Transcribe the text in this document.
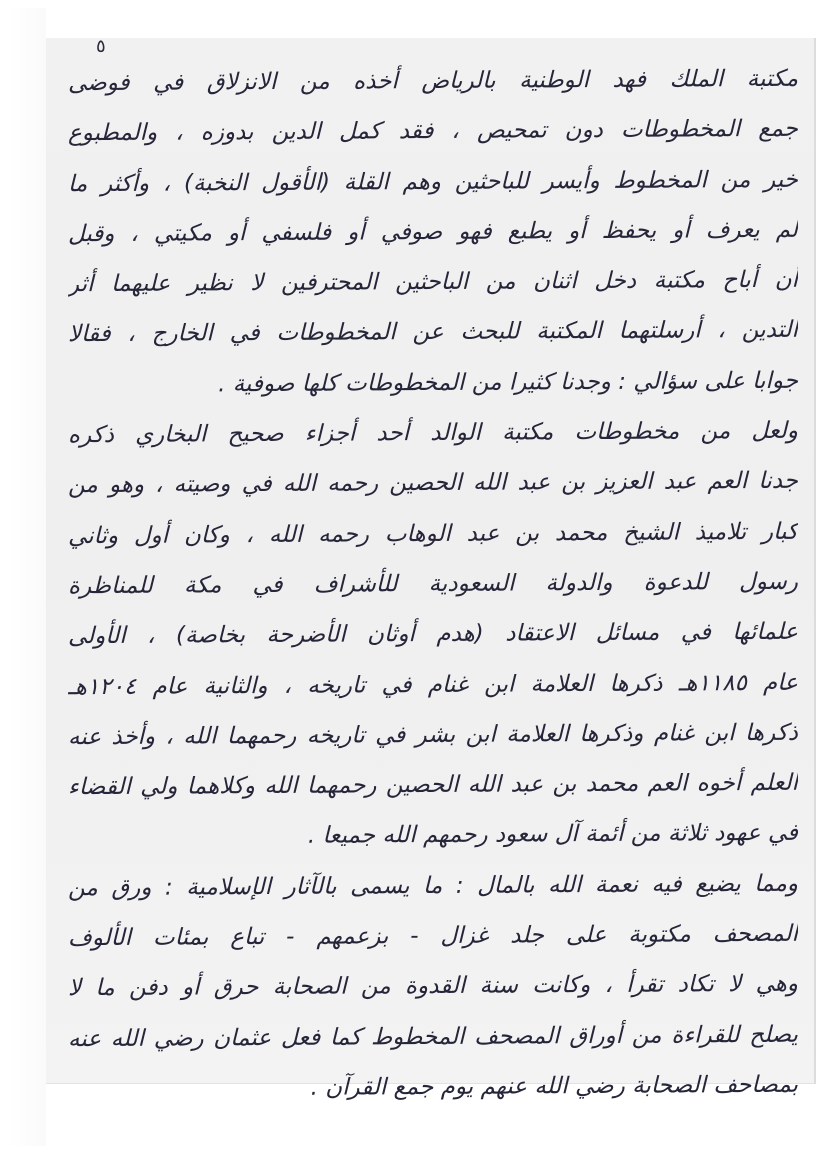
٥
مكتبة الملك فهد الوطنية بالرياض أخذه من الانزلاق في فوضى
جمع المخطوطات دون تمحيص ، فقد كمل الدين بدوزه ، والمطبوع
خير من المخطوط وأيسر للباحثين وهم القلة (الأقول النخبة) ، وأكثر ما
لم يعرف أو يحفظ أو يطبع فهو صوفي أو فلسفي أو مكيتي ، وقبل
أن أباح مكتبة دخل اثنان من الباحثين المحترفين لا نظير عليهما أثر
التدين ، أرسلتهما المكتبة للبحث عن المخطوطات في الخارج ، فقالا
جوابا على سؤالي : وجدنا كثيرا من المخطوطات كلها صوفية .
ولعل من مخطوطات مكتبة الوالد أحد أجزاء صحيح البخاري ذكره
جدنا العم عبد العزيز بن عبد الله الحصين رحمه الله في وصيته ، وهو من
كبار تلاميذ الشيخ محمد بن عبد الوهاب رحمه الله ، وكان أول وثاني
رسول للدعوة والدولة السعودية للأشراف في مكة للمناظرة
علمائها في مسائل الاعتقاد (هدم أوثان الأضرحة بخاصة) ، الأولى
عام ١١٨٥هـ ذكرها العلامة ابن غنام في تاريخه ، والثانية عام ١٢٠٤هـ
ذكرها ابن غنام وذكرها العلامة ابن بشر في تاريخه رحمهما الله ، وأخذ عنه
العلم أخوه العم محمد بن عبد الله الحصين رحمهما الله وكلاهما ولي القضاء
في عهود ثلاثة من أئمة آل سعود رحمهم الله جميعا .
ومما يضيع فيه نعمة الله بالمال : ما يسمى بالآثار الإسلامية : ورق من
المصحف مكتوبة على جلد غزال - بزعمهم - تباع بمئات الألوف
وهي لا تكاد تقرأ ، وكانت سنة القدوة من الصحابة حرق أو دفن ما لا
يصلح للقراءة من أوراق المصحف المخطوط كما فعل عثمان رضي الله عنه
بمصاحف الصحابة رضي الله عنهم يوم جمع القرآن .
